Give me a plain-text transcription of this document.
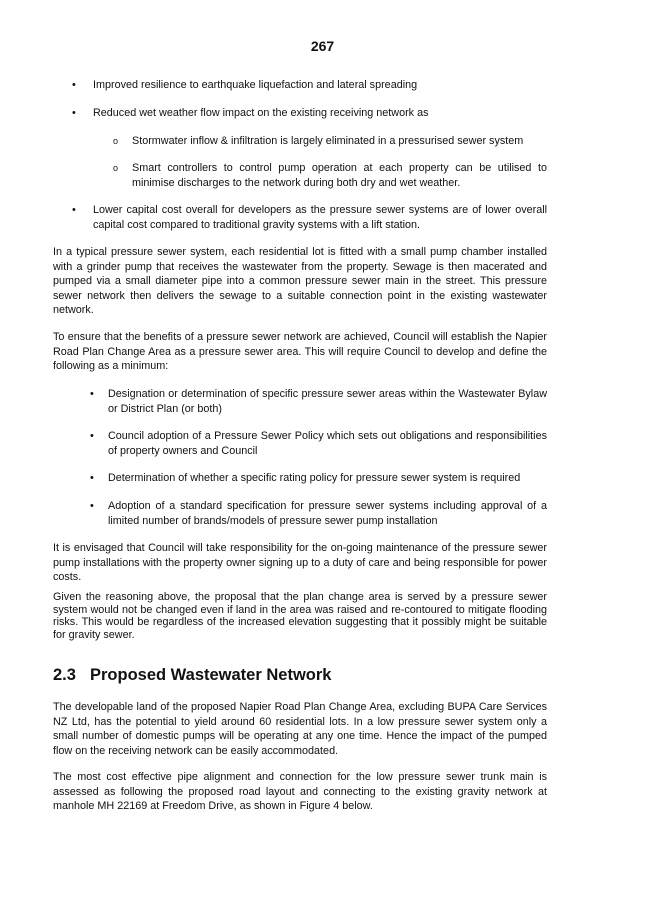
267
• Improved resilience to earthquake liquefaction and lateral spreading

• Reduced wet weather flow impact on the existing receiving network as

o Stormwater inflow & infiltration is largely eliminated in a pressurised sewer system

o Smart controllers to control pump operation at each property can be utilised to minimise discharges to the network during both dry and wet weather.

• Lower capital cost overall for developers as the pressure sewer systems are of lower overall capital cost compared to traditional gravity systems with a lift station.

In a typical pressure sewer system, each residential lot is fitted with a small pump chamber installed with a grinder pump that receives the wastewater from the property. Sewage is then macerated and pumped via a small diameter pipe into a common pressure sewer main in the street. This pressure sewer network then delivers the sewage to a suitable connection point in the existing wastewater network.

To ensure that the benefits of a pressure sewer network are achieved, Council will establish the Napier Road Plan Change Area as a pressure sewer area. This will require Council to develop and define the following as a minimum:

• Designation or determination of specific pressure sewer areas within the Wastewater Bylaw or District Plan (or both)

• Council adoption of a Pressure Sewer Policy which sets out obligations and responsibilities of property owners and Council

• Determination of whether a specific rating policy for pressure sewer system is required

• Adoption of a standard specification for pressure sewer systems including approval of a limited number of brands/models of pressure sewer pump installation

It is envisaged that Council will take responsibility for the on-going maintenance of the pressure sewer pump installations with the property owner signing up to a duty of care and being responsible for power costs.

Given the reasoning above, the proposal that the plan change area is served by a pressure sewer system would not be changed even if land in the area was raised and re-contoured to mitigate flooding risks. This would be regardless of the increased elevation suggesting that it possibly might be suitable for gravity sewer.

2.3 Proposed Wastewater Network

The developable land of the proposed Napier Road Plan Change Area, excluding BUPA Care Services NZ Ltd, has the potential to yield around 60 residential lots. In a low pressure sewer system only a small number of domestic pumps will be operating at any one time. Hence the impact of the pumped flow on the receiving network can be easily accommodated.

The most cost effective pipe alignment and connection for the low pressure sewer trunk main is assessed as following the proposed road layout and connecting to the existing gravity network at manhole MH 22169 at Freedom Drive, as shown in Figure 4 below.
